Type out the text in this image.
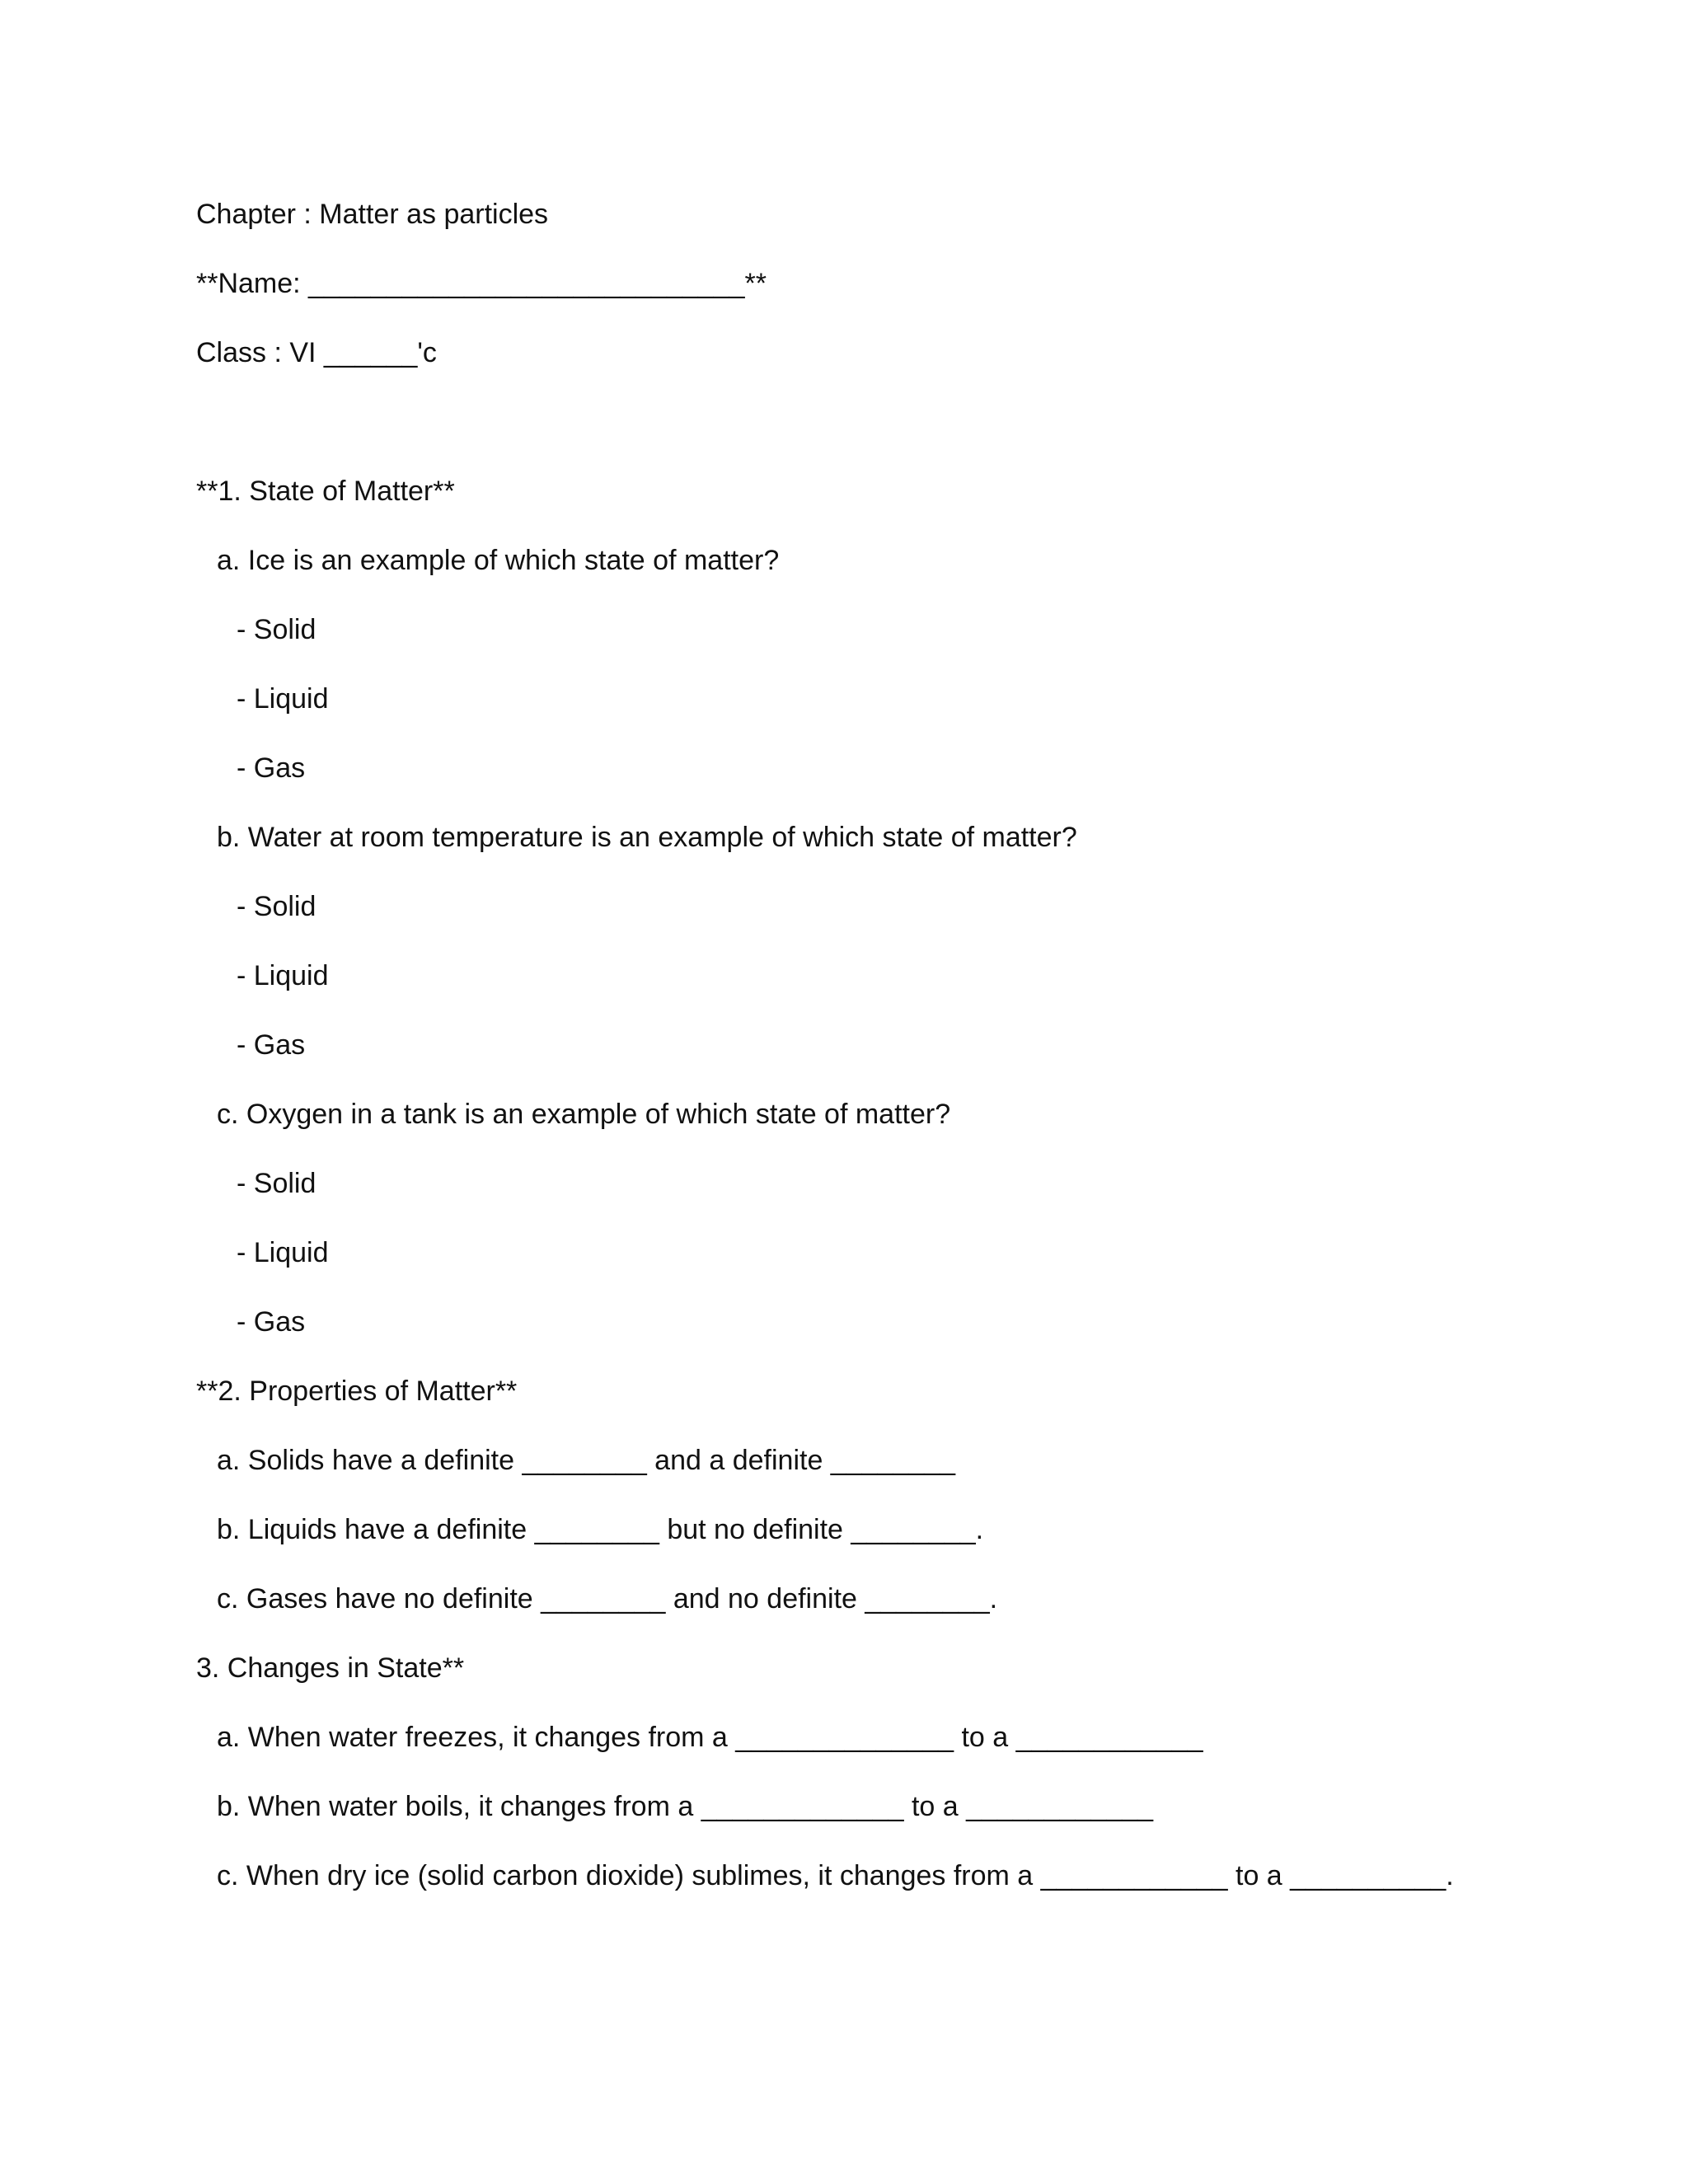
Chapter : Matter as particles
**Name: ____________________________**
Class : VI ______'c
**1. State of Matter**
a. Ice is an example of which state of matter?
- Solid
- Liquid
- Gas
b. Water at room temperature is an example of which state of matter?
- Solid
- Liquid
- Gas
c. Oxygen in a tank is an example of which state of matter?
- Solid
- Liquid
- Gas
**2. Properties of Matter**
a. Solids have a definite ________ and a definite ________
b. Liquids have a definite ________ but no definite ________.
c. Gases have no definite ________ and no definite ________.
3. Changes in State**
a. When water freezes, it changes from a ______________ to a ____________
b. When water boils, it changes from a _____________ to a ____________
c. When dry ice (solid carbon dioxide) sublimes, it changes from a ____________ to a __________.
